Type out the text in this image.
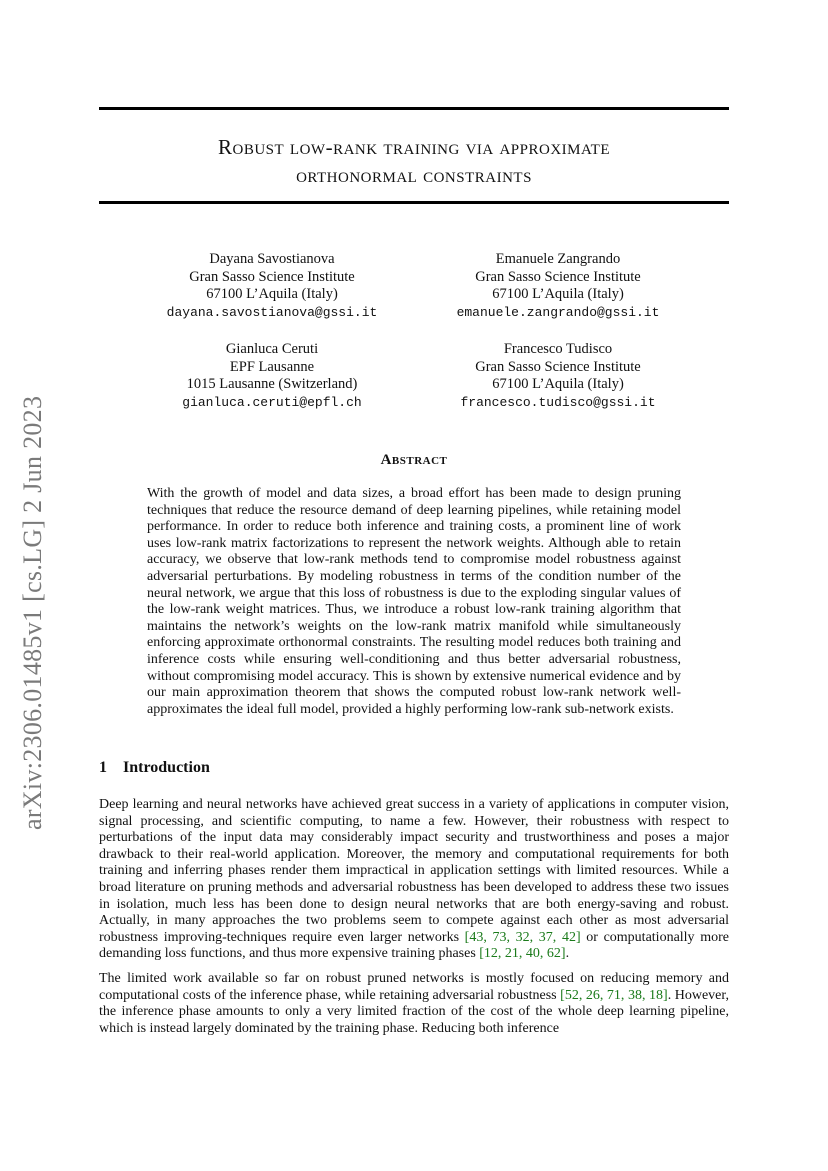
Robust low-rank training via approximate
orthonormal constraints
Dayana Savostianova
Gran Sasso Science Institute
67100 L’Aquila (Italy)
dayana.savostianova@gssi.it
Emanuele Zangrando
Gran Sasso Science Institute
67100 L’Aquila (Italy)
emanuele.zangrando@gssi.it
Gianluca Ceruti
EPF Lausanne
1015 Lausanne (Switzerland)
gianluca.ceruti@epfl.ch
Francesco Tudisco
Gran Sasso Science Institute
67100 L’Aquila (Italy)
francesco.tudisco@gssi.it
arXiv:2306.01485v1 [cs.LG] 2 Jun 2023	Abstract
With the growth of model and data sizes, a broad effort has been made to design pruning techniques that reduce the resource demand of deep learning pipelines, while retaining model performance. In order to reduce both inference and training costs, a prominent line of work uses low-rank matrix factorizations to represent the network weights. Although able to retain accuracy, we observe that low-rank methods tend to compromise model robustness against adversarial perturbations. By modeling robustness in terms of the condition number of the neural network, we argue that this loss of robustness is due to the exploding singular values of the low-rank weight matrices. Thus, we introduce a robust low-rank training algorithm that maintains the network’s weights on the low-rank matrix manifold while simultaneously enforcing approximate orthonormal constraints. The resulting model reduces both training and inference costs while ensuring well-conditioning and thus better adversarial robustness, without compromising model accuracy. This is shown by extensive numerical evidence and by our main approximation theorem that shows the computed robust low-rank network well-approximates the ideal full model, provided a highly performing low-rank sub-network exists.
1 Introduction
Deep learning and neural networks have achieved great success in a variety of applications in computer vision, signal processing, and scientific computing, to name a few. However, their robustness with respect to perturbations of the input data may considerably impact security and trustworthiness and poses a major drawback to their real-world application. Moreover, the memory and computational requirements for both training and inferring phases render them impractical in application settings with limited resources. While a broad literature on pruning methods and adversarial robustness has been developed to address these two issues in isolation, much less has been done to design neural networks that are both energy-saving and robust. Actually, in many approaches the two problems seem to compete against each other as most adversarial robustness improving-techniques require even larger networks [43, 73, 32, 37, 42] or computationally more demanding loss functions, and thus more expensive training phases [12, 21, 40, 62].
The limited work available so far on robust pruned networks is mostly focused on reducing memory and computational costs of the inference phase, while retaining adversarial robustness [52, 26, 71, 38, 18]. However, the inference phase amounts to only a very limited fraction of the cost of the whole deep learning pipeline, which is instead largely dominated by the training phase. Reducing both inference
